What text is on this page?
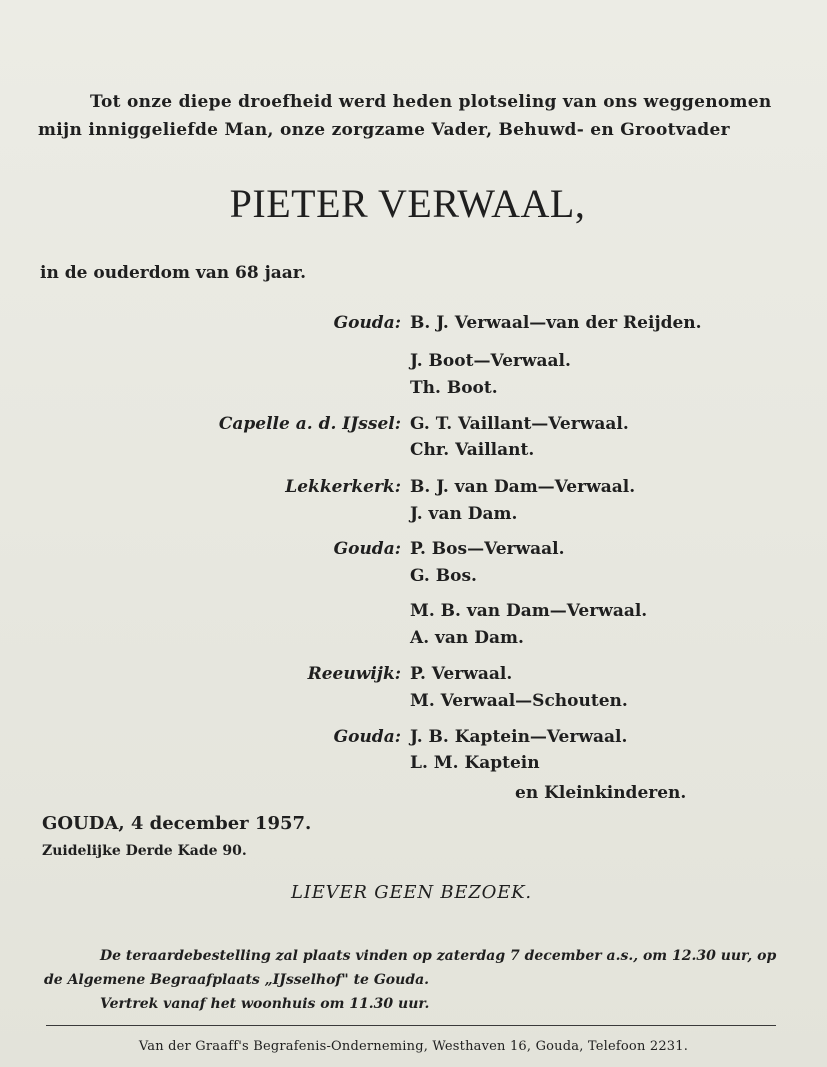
Tot onze diepe droefheid werd heden plotseling van ons weggenomen
mijn inniggeliefde Man, onze zorgzame Vader, Behuwd- en Grootvader
PIETER VERWAAL,
in de ouderdom van 68 jaar.
Gouda: B. J. Verwaal—van der Reijden.
J. Boot—Verwaal.
Th. Boot.
Capelle a. d. IJssel: G. T. Vaillant—Verwaal.
Chr. Vaillant.
Lekkerkerk: B. J. van Dam—Verwaal.
J. van Dam.
Gouda: P. Bos—Verwaal.
G. Bos.
M. B. van Dam—Verwaal.
A. van Dam.
Reeuwijk: P. Verwaal.
M. Verwaal—Schouten.
Gouda: J. B. Kaptein—Verwaal.
L. M. Kaptein
en Kleinkinderen.
GOUDA, 4 december 1957.
Zuidelijke Derde Kade 90.
LIEVER GEEN BEZOEK.
De teraardebestelling zal plaats vinden op zaterdag 7 december a.s., om 12.30 uur, op
de Algemene Begraafplaats „IJsselhof" te Gouda.
Vertrek vanaf het woonhuis om 11.30 uur.
Van der Graaff's Begrafenis-Onderneming, Westhaven 16, Gouda, Telefoon 2231.
